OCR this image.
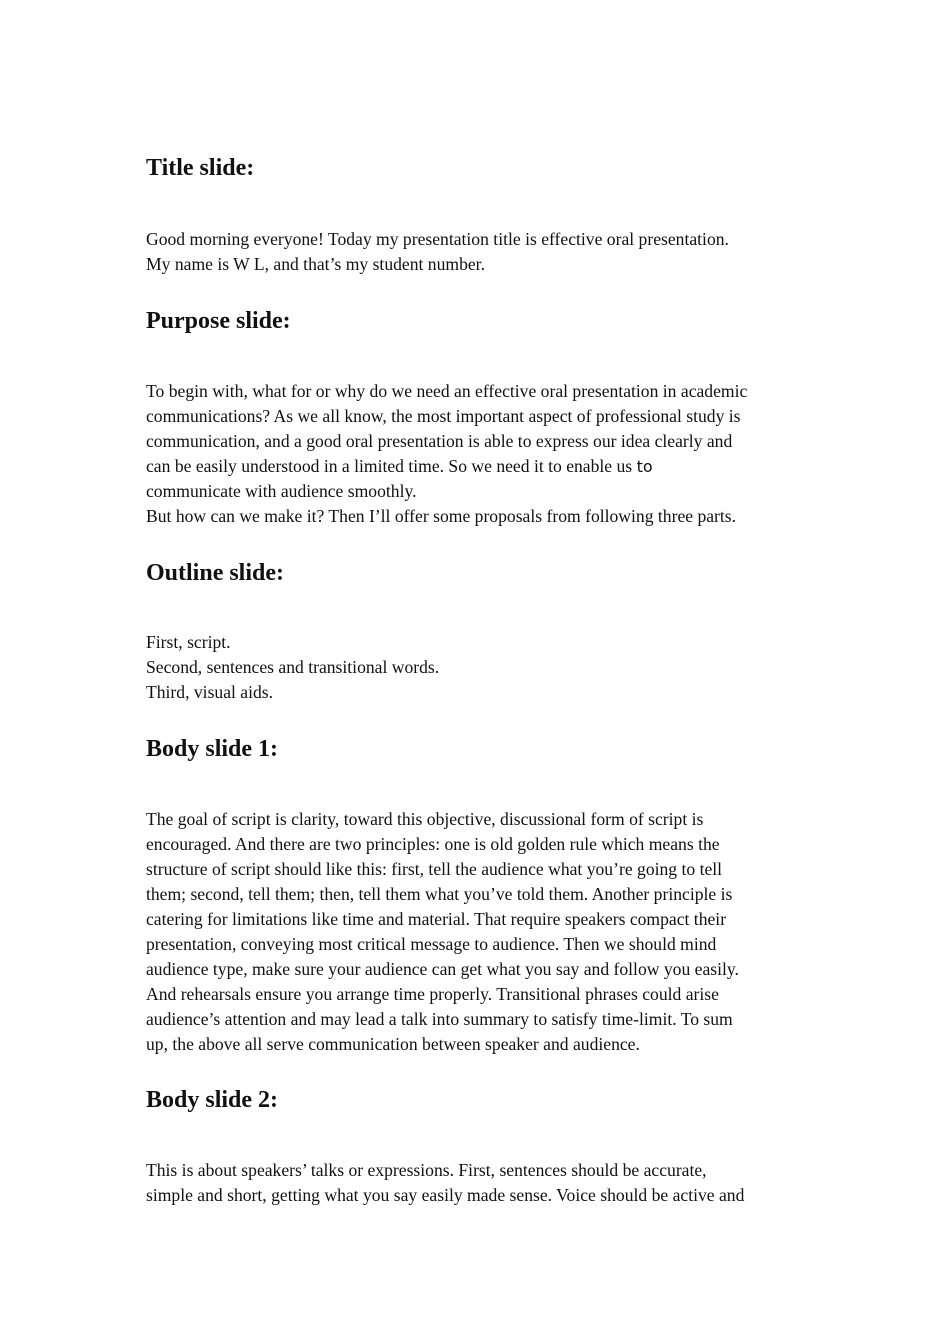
Title slide:
Good morning everyone! Today my presentation title is effective oral presentation.
My name is W L, and that’s my student number.
Purpose slide:
To begin with, what for or why do we need an effective oral presentation in academic
communications? As we all know, the most important aspect of professional study is
communication, and a good oral presentation is able to express our idea clearly and
can be easily understood in a limited time. So we need it to enable us to
communicate with audience smoothly.
But how can we make it? Then I’ll offer some proposals from following three parts.
Outline slide:
First, script.
Second, sentences and transitional words.
Third, visual aids.
Body slide 1:
The goal of script is clarity, toward this objective, discussional form of script is
encouraged. And there are two principles: one is old golden rule which means the
structure of script should like this: first, tell the audience what you’re going to tell
them; second, tell them; then, tell them what you’ve told them. Another principle is
catering for limitations like time and material. That require speakers compact their
presentation, conveying most critical message to audience. Then we should mind
audience type, make sure your audience can get what you say and follow you easily.
And rehearsals ensure you arrange time properly. Transitional phrases could arise
audience’s attention and may lead a talk into summary to satisfy time-limit. To sum
up, the above all serve communication between speaker and audience.
Body slide 2:
This is about speakers’ talks or expressions. First, sentences should be accurate,
simple and short, getting what you say easily made sense. Voice should be active and
